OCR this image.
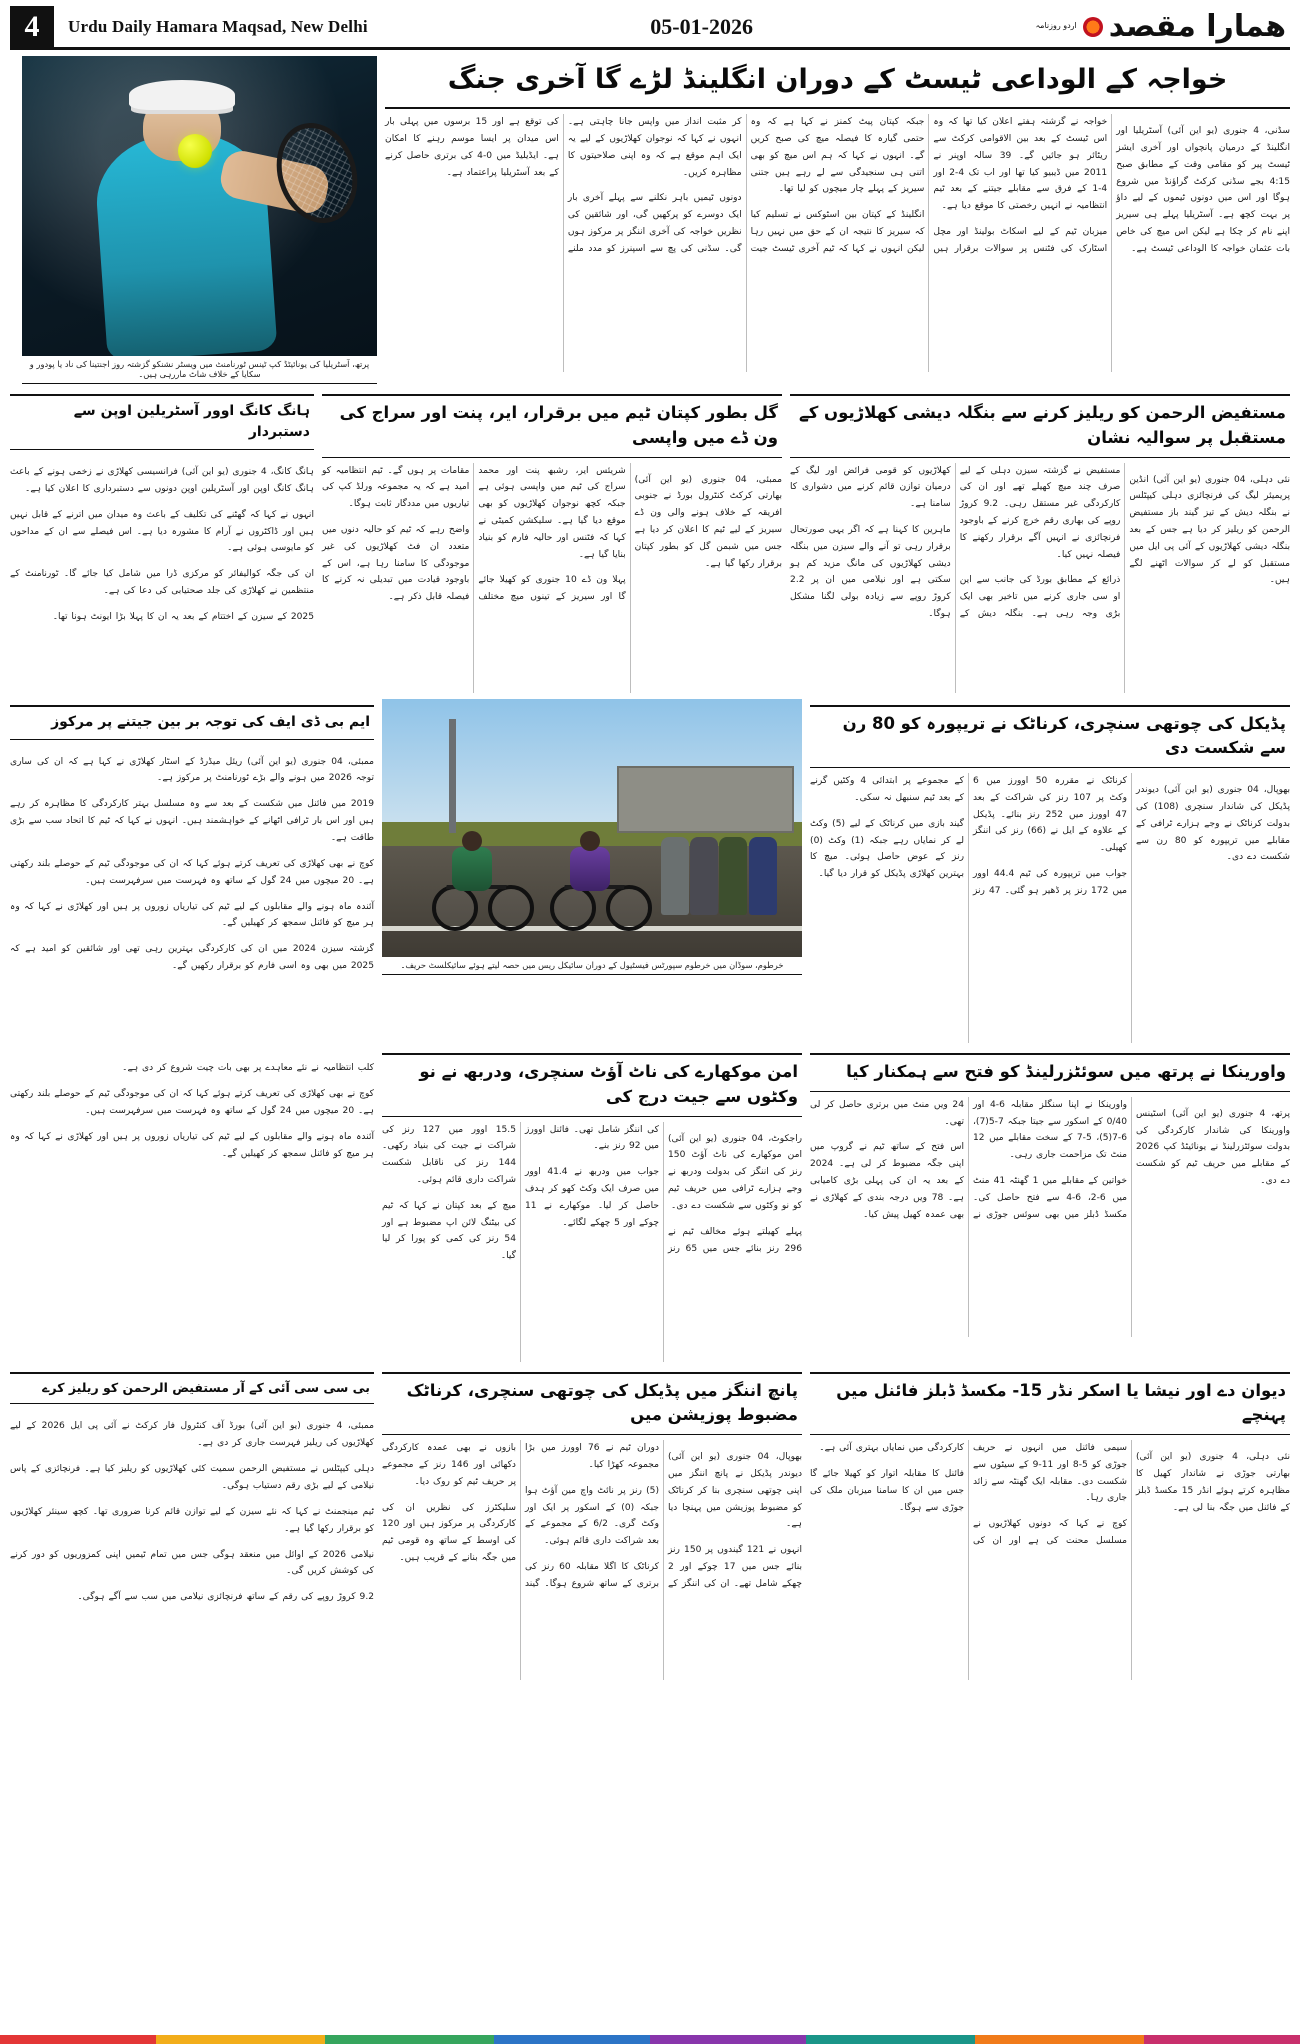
4	Urdu Daily Hamara Maqsad, New Delhi	05-01-2026	اردو روزنامہ همارا مقصد
خواجہ کے الوداعی ٹیسٹ کے دوران انگلینڈ لڑے گا آخری جنگ

سڈنی، 4 جنوری (یو این آئی) آسٹریلیا اور انگلینڈ کے درمیان پانچواں اور آخری ایشز ٹیسٹ پیر کو مقامی وقت کے مطابق صبح 4:15 بجے سڈنی کرکٹ گراؤنڈ میں شروع ہوگا اور اس میں دونوں ٹیموں کے لیے داؤ پر بہت کچھ ہے۔ آسٹریلیا پہلے ہی سیریز اپنے نام کر چکا ہے لیکن اس میچ کی خاص بات عثمان خواجہ کا الوداعی ٹیسٹ ہے۔

خواجہ نے گزشتہ ہفتے اعلان کیا تھا کہ وہ اس ٹیسٹ کے بعد بین الاقوامی کرکٹ سے ریٹائر ہو جائیں گے۔ 39 سالہ اوپنر نے 2011 میں ڈیبیو کیا تھا اور اب تک 4-2 اور 4-1 کے فرق سے مقابلے جیتنے کے بعد ٹیم انتظامیہ نے انہیں رخصتی کا موقع دیا ہے۔

میزبان ٹیم کے لیے اسکاٹ بولینڈ اور مچل اسٹارک کی فٹنس پر سوالات برقرار ہیں جبکہ کپتان پیٹ کمنز نے کہا ہے کہ وہ حتمی گیارہ کا فیصلہ میچ کی صبح کریں گے۔ انہوں نے کہا کہ ہم اس میچ کو بھی اتنی ہی سنجیدگی سے لے رہے ہیں جتنی سیریز کے پہلے چار میچوں کو لیا تھا۔

انگلینڈ کے کپتان بین اسٹوکس نے تسلیم کیا کہ سیریز کا نتیجہ ان کے حق میں نہیں رہا لیکن انہوں نے کہا کہ ٹیم آخری ٹیسٹ جیت کر مثبت انداز میں واپس جانا چاہتی ہے۔ انہوں نے کہا کہ نوجوان کھلاڑیوں کے لیے یہ ایک اہم موقع ہے کہ وہ اپنی صلاحیتوں کا مظاہرہ کریں۔

دونوں ٹیمیں باہر نکلنے سے پہلے آخری بار ایک دوسرے کو پرکھیں گی، اور شائقین کی نظریں خواجہ کی آخری اننگز پر مرکوز ہوں گی۔ سڈنی کی پچ سے اسپنرز کو مدد ملنے کی توقع ہے اور 15 برسوں میں پہلی بار اس میدان پر ایسا موسم رہنے کا امکان ہے۔ ایڈیلیڈ میں 0-4 کی برتری حاصل کرنے کے بعد آسٹریلیا پراعتماد ہے۔

پرتھ، آسٹریلیا کی یونائیٹڈ کپ ٹینس ٹورنامنٹ میں ویسٹر نشنکو گزشتہ روز اجنتینا کی ناد یا پودور و سکایا کے خلاف شاٹ ماررہی ہیں۔
مستفیض الرحمن کو ریلیز کرنے سے بنگلہ دیشی کھلاڑیوں کے مستقبل پر سوالیہ نشان

نئی دہلی، 04 جنوری (یو این آئی) انڈین پریمیئر لیگ کی فرنچائزی دہلی کیپٹلس نے بنگلہ دیش کے تیز گیند باز مستفیض الرحمن کو ریلیز کر دیا ہے جس کے بعد بنگلہ دیشی کھلاڑیوں کے آئی پی ایل میں مستقبل کو لے کر سوالات اٹھنے لگے ہیں۔

مستفیض نے گزشتہ سیزن دہلی کے لیے صرف چند میچ کھیلے تھے اور ان کی کارکردگی غیر مستقل رہی۔ 9.2 کروڑ روپے کی بھاری رقم خرچ کرنے کے باوجود فرنچائزی نے انہیں آگے برقرار رکھنے کا فیصلہ نہیں کیا۔

ذرائع کے مطابق بورڈ کی جانب سے این او سی جاری کرنے میں تاخیر بھی ایک بڑی وجہ رہی ہے۔ بنگلہ دیش کے کھلاڑیوں کو قومی فرائض اور لیگ کے درمیان توازن قائم کرنے میں دشواری کا سامنا ہے۔

ماہرین کا کہنا ہے کہ اگر یہی صورتحال برقرار رہی تو آنے والے سیزن میں بنگلہ دیشی کھلاڑیوں کی مانگ مزید کم ہو سکتی ہے اور نیلامی میں ان پر 2.2 کروڑ روپے سے زیادہ بولی لگنا مشکل ہوگا۔

گل بطور کپتان ٹیم میں برقرار، ایر، پنت اور سراج کی ون ڈے میں واپسی

ممبئی، 04 جنوری (یو این آئی) بھارتی کرکٹ کنٹرول بورڈ نے جنوبی افریقہ کے خلاف ہونے والی ون ڈے سیریز کے لیے ٹیم کا اعلان کر دیا ہے جس میں شبمن گل کو بطور کپتان برقرار رکھا گیا ہے۔

شریئس ایر، رشبھ پنت اور محمد سراج کی ٹیم میں واپسی ہوئی ہے جبکہ کچھ نوجوان کھلاڑیوں کو بھی موقع دیا گیا ہے۔ سلیکشن کمیٹی نے کہا کہ فٹنس اور حالیہ فارم کو بنیاد بنایا گیا ہے۔

پہلا ون ڈے 10 جنوری کو کھیلا جائے گا اور سیریز کے تینوں میچ مختلف مقامات پر ہوں گے۔ ٹیم انتظامیہ کو امید ہے کہ یہ مجموعہ ورلڈ کپ کی تیاریوں میں مددگار ثابت ہوگا۔

واضح رہے کہ ٹیم کو حالیہ دنوں میں متعدد ان فٹ کھلاڑیوں کی غیر موجودگی کا سامنا رہا ہے، اس کے باوجود قیادت میں تبدیلی نہ کرنے کا فیصلہ قابل ذکر ہے۔

ہانگ کانگ اوور آسٹریلین اوپن سے دستبردار

ہانگ کانگ، 4 جنوری (یو این آئی) فرانسیسی کھلاڑی نے زخمی ہونے کے باعث ہانگ کانگ اوپن اور آسٹریلین اوپن دونوں سے دستبرداری کا اعلان کیا ہے۔

انہوں نے کہا کہ گھٹنے کی تکلیف کے باعث وہ میدان میں اترنے کے قابل نہیں ہیں اور ڈاکٹروں نے آرام کا مشورہ دیا ہے۔ اس فیصلے سے ان کے مداحوں کو مایوسی ہوئی ہے۔

ان کی جگہ کوالیفائر کو مرکزی ڈرا میں شامل کیا جائے گا۔ ٹورنامنٹ کے منتظمین نے کھلاڑی کی جلد صحتیابی کی دعا کی ہے۔

2025 کے سیزن کے اختتام کے بعد یہ ان کا پہلا بڑا ایونٹ ہونا تھا۔

پڈیکل کی چوتھی سنچری، کرناٹک نے تریپورہ کو 80 رن سے شکست دی

بھوپال، 04 جنوری (یو این آئی) دیوندر پڈیکل کی شاندار سنچری (108) کی بدولت کرناٹک نے وجے ہزارے ٹرافی کے مقابلے میں تریپورہ کو 80 رن سے شکست دے دی۔

کرناٹک نے مقررہ 50 اوورز میں 6 وکٹ پر 107 رنز کی شراکت کے بعد 47 اوورز میں 252 رنز بنائے۔ پڈیکل کے علاوہ کے ایل نے (66) رنز کی اننگز کھیلی۔

جواب میں تریپورہ کی ٹیم 44.4 اوور میں 172 رنز پر ڈھیر ہو گئی۔ 47 رنز کے مجموعے پر ابتدائی 4 وکٹیں گرنے کے بعد ٹیم سنبھل نہ سکی۔

گیند بازی میں کرناٹک کے لیے (5) وکٹ لے کر نمایاں رہے جبکہ (1) وکٹ (0) رنز کے عوض حاصل ہوئی۔ میچ کا بہترین کھلاڑی پڈیکل کو قرار دیا گیا۔

خرطوم، سوڈان میں خرطوم سپورٹس فیسٹیول کے دوران سائیکل ریس میں حصہ لیتے ہوئے سائیکلسٹ حریف۔
ایم بی ڈی ایف کی توجہ بر بین جیتنے پر مرکوز

ممبئی، 04 جنوری (یو این آئی) ریئل میڈرڈ کے اسٹار کھلاڑی نے کہا ہے کہ ان کی ساری توجہ 2026 میں ہونے والے بڑے ٹورنامنٹ پر مرکوز ہے۔

2019 میں فائنل میں شکست کے بعد سے وہ مسلسل بہتر کارکردگی کا مظاہرہ کر رہے ہیں اور اس بار ٹرافی اٹھانے کے خواہشمند ہیں۔ انہوں نے کہا کہ ٹیم کا اتحاد سب سے بڑی طاقت ہے۔

کوچ نے بھی کھلاڑی کی تعریف کرتے ہوئے کہا کہ ان کی موجودگی ٹیم کے حوصلے بلند رکھتی ہے۔ 20 میچوں میں 24 گول کے ساتھ وہ فہرست میں سرفہرست ہیں۔

آئندہ ماہ ہونے والے مقابلوں کے لیے ٹیم کی تیاریاں زوروں پر ہیں اور کھلاڑی نے کہا کہ وہ ہر میچ کو فائنل سمجھ کر کھیلیں گے۔

گزشتہ سیزن 2024 میں ان کی کارکردگی بہترین رہی تھی اور شائقین کو امید ہے کہ 2025 میں بھی وہ اسی فارم کو برقرار رکھیں گے۔

واورینکا نے پرتھ میں سوئٹزرلینڈ کو فتح سے ہمکنار کیا

پرتھ، 4 جنوری (یو این آئی) اسٹینس واورینکا کی شاندار کارکردگی کی بدولت سوئٹزرلینڈ نے یونائیٹڈ کپ 2026 کے مقابلے میں حریف ٹیم کو شکست دے دی۔

واورینکا نے اپنا سنگلز مقابلہ 6-4 اور 0/40 کے اسکور سے جیتا جبکہ 7-5(7)، 6-7(5)، 5-7 کے سخت مقابلے میں 12 منٹ تک مزاحمت جاری رہی۔

خواتین کے مقابلے میں 1 گھنٹہ 41 منٹ میں 6-2، 6-4 سے فتح حاصل کی۔ مکسڈ ڈبلز میں بھی سوئس جوڑی نے 24 ویں منٹ میں برتری حاصل کر لی تھی۔

اس فتح کے ساتھ ٹیم نے گروپ میں اپنی جگہ مضبوط کر لی ہے۔ 2024 کے بعد یہ ان کی پہلی بڑی کامیابی ہے۔ 78 ویں درجہ بندی کے کھلاڑی نے بھی عمدہ کھیل پیش کیا۔

امن موکھارے کی ناٹ آؤٹ سنچری، ودربھ نے نو وکٹوں سے جیت درج کی

راجکوٹ، 04 جنوری (یو این آئی) امن موکھارے کی ناٹ آؤٹ 150 رنز کی اننگز کی بدولت ودربھ نے وجے ہزارے ٹرافی میں حریف ٹیم کو نو وکٹوں سے شکست دے دی۔

پہلے کھیلتے ہوئے مخالف ٹیم نے 296 رنز بنائے جس میں 65 رنز کی اننگز شامل تھی۔ فائنل اوورز میں 92 رنز بنے۔

جواب میں ودربھ نے 41.4 اوور میں صرف ایک وکٹ کھو کر ہدف حاصل کر لیا۔ موکھارے نے 11 چوکے اور 5 چھکے لگائے۔

15.5 اوور میں 127 رنز کی شراکت نے جیت کی بنیاد رکھی۔ 144 رنز کی ناقابل شکست شراکت داری قائم ہوئی۔

میچ کے بعد کپتان نے کہا کہ ٹیم کی بیٹنگ لائن اپ مضبوط ہے اور 54 رنز کی کمی کو پورا کر لیا گیا۔

کلب انتظامیہ نے نئے معاہدے پر بھی بات چیت شروع کر دی ہے۔

کوچ نے بھی کھلاڑی کی تعریف کرتے ہوئے کہا کہ ان کی موجودگی ٹیم کے حوصلے بلند رکھتی ہے۔ 20 میچوں میں 24 گول کے ساتھ وہ فہرست میں سرفہرست ہیں۔

آئندہ ماہ ہونے والے مقابلوں کے لیے ٹیم کی تیاریاں زوروں پر ہیں اور کھلاڑی نے کہا کہ وہ ہر میچ کو فائنل سمجھ کر کھیلیں گے۔

دیوان دے اور نیشا یا اسکر نڈر 15- مکسڈ ڈبلز فائنل میں پہنچے

نئی دہلی، 4 جنوری (یو این آئی) بھارتی جوڑی نے شاندار کھیل کا مظاہرہ کرتے ہوئے انڈر 15 مکسڈ ڈبلز کے فائنل میں جگہ بنا لی ہے۔

سیمی فائنل میں انہوں نے حریف جوڑی کو 5-8 اور 11-9 کے سیٹوں سے شکست دی۔ مقابلہ ایک گھنٹہ سے زائد جاری رہا۔

کوچ نے کہا کہ دونوں کھلاڑیوں نے مسلسل محنت کی ہے اور ان کی کارکردگی میں نمایاں بہتری آئی ہے۔

فائنل کا مقابلہ اتوار کو کھیلا جائے گا جس میں ان کا سامنا میزبان ملک کی جوڑی سے ہوگا۔

پانچ اننگز میں پڈیکل کی چوتھی سنچری، کرناٹک مضبوط پوزیشن میں

بھوپال، 04 جنوری (یو این آئی) دیوندر پڈیکل نے پانچ اننگز میں اپنی چوتھی سنچری بنا کر کرناٹک کو مضبوط پوزیشن میں پہنچا دیا ہے۔

انہوں نے 121 گیندوں پر 150 رنز بنائے جس میں 17 چوکے اور 2 چھکے شامل تھے۔ ان کی اننگز کے دوران ٹیم نے 76 اوورز میں بڑا مجموعہ کھڑا کیا۔

(5) رنز پر نائٹ واچ مین آؤٹ ہوا جبکہ (0) کے اسکور پر ایک اور وکٹ گری۔ 6/2 کے مجموعے کے بعد شراکت داری قائم ہوئی۔

کرناٹک کا اگلا مقابلہ 60 رنز کی برتری کے ساتھ شروع ہوگا۔ گیند بازوں نے بھی عمدہ کارکردگی دکھائی اور 146 رنز کے مجموعے پر حریف ٹیم کو روک دیا۔

سلیکٹرز کی نظریں ان کی کارکردگی پر مرکوز ہیں اور 120 کی اوسط کے ساتھ وہ قومی ٹیم میں جگہ بنانے کے قریب ہیں۔

بی سی سی آئی کے آر مستفیض الرحمن کو ریلیز کرے

ممبئی، 4 جنوری (یو این آئی) بورڈ آف کنٹرول فار کرکٹ نے آئی پی ایل 2026 کے لیے کھلاڑیوں کی ریلیز فہرست جاری کر دی ہے۔

دہلی کیپٹلس نے مستفیض الرحمن سمیت کئی کھلاڑیوں کو ریلیز کیا ہے۔ فرنچائزی کے پاس نیلامی کے لیے بڑی رقم دستیاب ہوگی۔

ٹیم مینجمنٹ نے کہا کہ نئے سیزن کے لیے توازن قائم کرنا ضروری تھا۔ کچھ سینئر کھلاڑیوں کو برقرار رکھا گیا ہے۔

نیلامی 2026 کے اوائل میں منعقد ہوگی جس میں تمام ٹیمیں اپنی کمزوریوں کو دور کرنے کی کوشش کریں گی۔

9.2 کروڑ روپے کی رقم کے ساتھ فرنچائزی نیلامی میں سب سے آگے ہوگی۔
